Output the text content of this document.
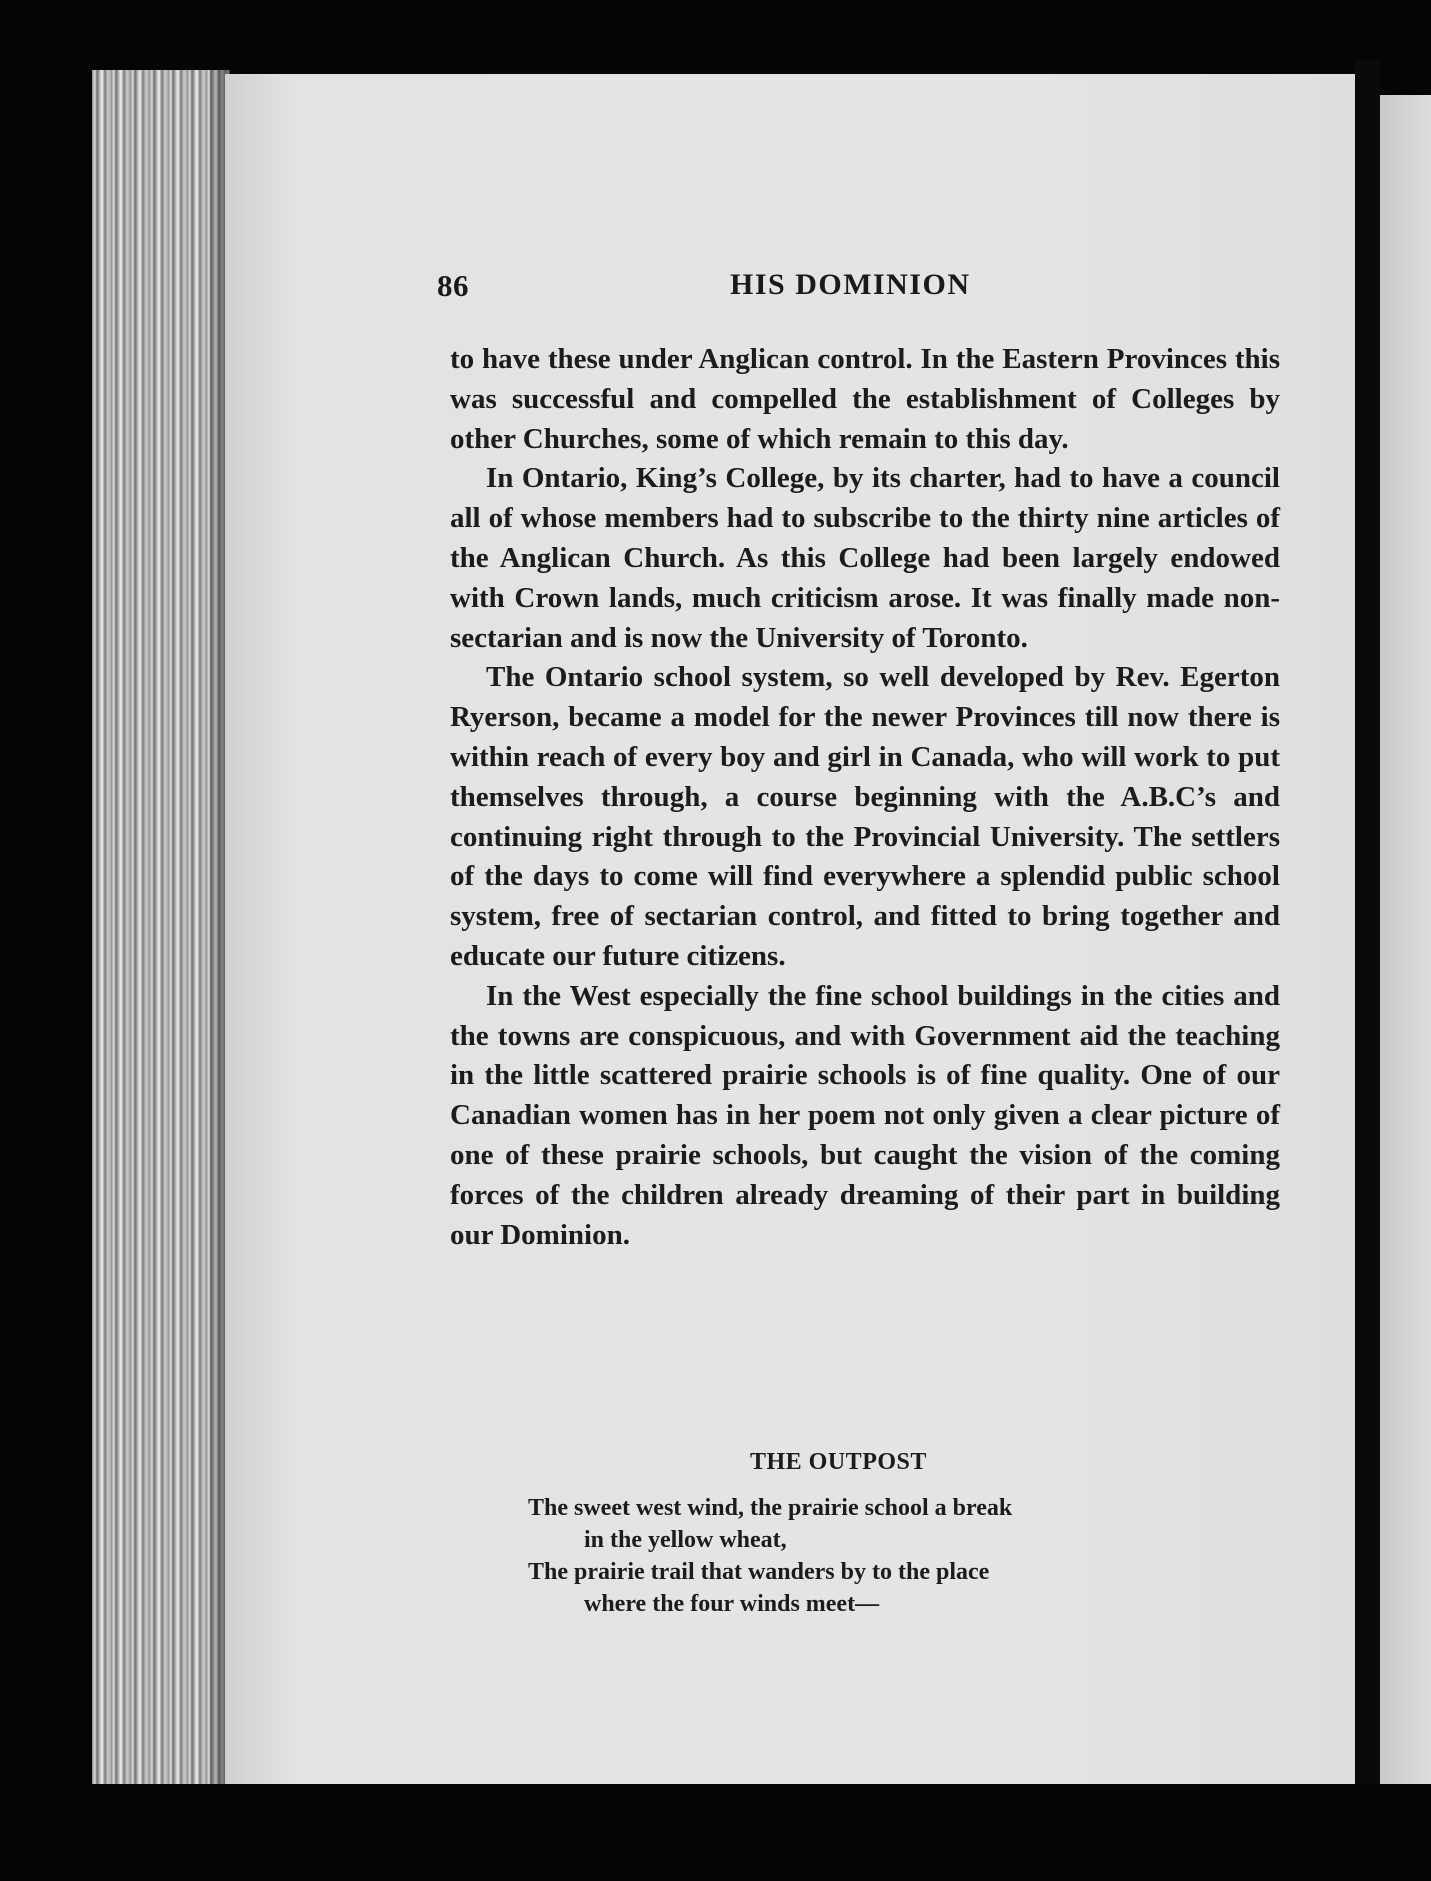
86	HIS DOMINION

to have these under Anglican control. In the Eastern Provinces this was successful and compelled the establishment of Colleges by other Churches, some of which remain to this day.

In Ontario, King’s College, by its charter, had to have a council all of whose members had to subscribe to the thirty nine articles of the Anglican Church. As this College had been largely endowed with Crown lands, much criticism arose. It was finally made non-sectarian and is now the University of Toronto.

The Ontario school system, so well developed by Rev. Egerton Ryerson, became a model for the newer Provinces till now there is within reach of every boy and girl in Canada, who will work to put themselves through, a course beginning with the A.B.C’s and continuing right through to the Provincial University. The settlers of the days to come will find everywhere a splendid public school system, free of sectarian control, and fitted to bring together and educate our future citizens.

In the West especially the fine school buildings in the cities and the towns are conspicuous, and with Government aid the teaching in the little scattered prairie schools is of fine quality. One of our Canadian women has in her poem not only given a clear picture of one of these prairie schools, but caught the vision of the coming forces of the children already dreaming of their part in building our Dominion.

THE OUTPOST
The sweet west wind, the prairie school a break
in the yellow wheat,
The prairie trail that wanders by to the place
where the four winds meet—
